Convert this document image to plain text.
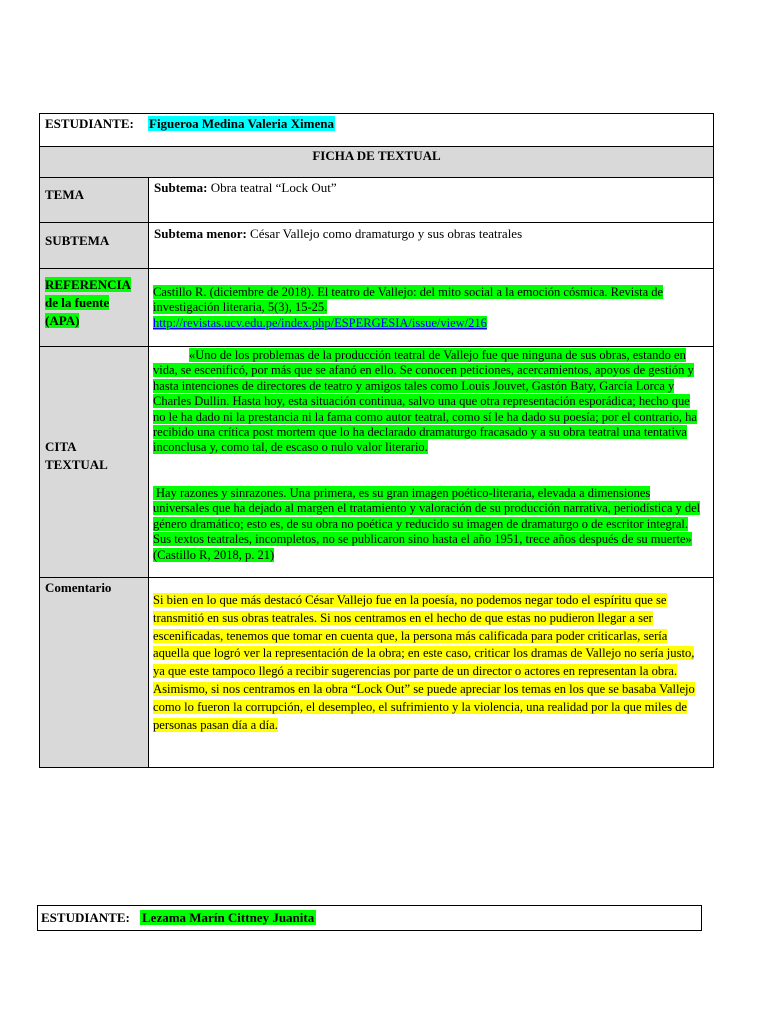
ESTUDIANTE: Figueroa Medina Valeria Ximena
FICHA DE TEXTUAL
TEMA	Subtema: Obra teatral “Lock Out”
SUBTEMA	Subtema menor: César Vallejo como dramaturgo y sus obras teatrales
REFERENCIA
de la fuente
(APA)
Castillo R. (diciembre de 2018). El teatro de Vallejo: del mito social a la emoción cósmica. Revista de investigación literaria, 5(3), 15-25.
http://revistas.ucv.edu.pe/index.php/ESPERGESIA/issue/view/216
CITA
TEXTUAL
«Uno de los problemas de la producción teatral de Vallejo fue que ninguna de sus obras, estando en vida, se escenificó, por más que se afanó en ello. Se conocen peticiones, acercamientos, apoyos de gestión y hasta intenciones de directores de teatro y amigos tales como Louis Jouvet, Gastón Baty, García Lorca y Charles Dullin. Hasta hoy, esta situación continua, salvo una que otra representación esporádica; hecho que no le ha dado ni la prestancia ni la fama como autor teatral, como sí le ha dado su poesía; por el contrario, ha recibido una crítica post mortem que lo ha declarado dramaturgo fracasado y a su obra teatral una tentativa inconclusa y, como tal, de escaso o nulo valor literario.
Hay razones y sinrazones. Una primera, es su gran imagen poético-literaria, elevada a dimensiones universales que ha dejado al margen el tratamiento y valoración de su producción narrativa, periodística y del género dramático; esto es, de su obra no poética y reducido su imagen de dramaturgo o de escritor integral. Sus textos teatrales, incompletos, no se publicaron sino hasta el año 1951, trece años después de su muerte» (Castillo R, 2018, p. 21)
Comentario
Si bien en lo que más destacó César Vallejo fue en la poesía, no podemos negar todo el espíritu que se transmitió en sus obras teatrales. Si nos centramos en el hecho de que estas no pudieron llegar a ser escenificadas, tenemos que tomar en cuenta que, la persona más calificada para poder criticarlas, sería aquella que logró ver la representación de la obra; en este caso, criticar los dramas de Vallejo no sería justo, ya que este tampoco llegó a recibir sugerencias por parte de un director o actores en representan la obra. Asimismo, si nos centramos en la obra “Lock Out” se puede apreciar los temas en los que se basaba Vallejo como lo fueron la corrupción, el desempleo, el sufrimiento y la violencia, una realidad por la que miles de personas pasan día a día.
ESTUDIANTE: Lezama Marín Cittney Juanita
